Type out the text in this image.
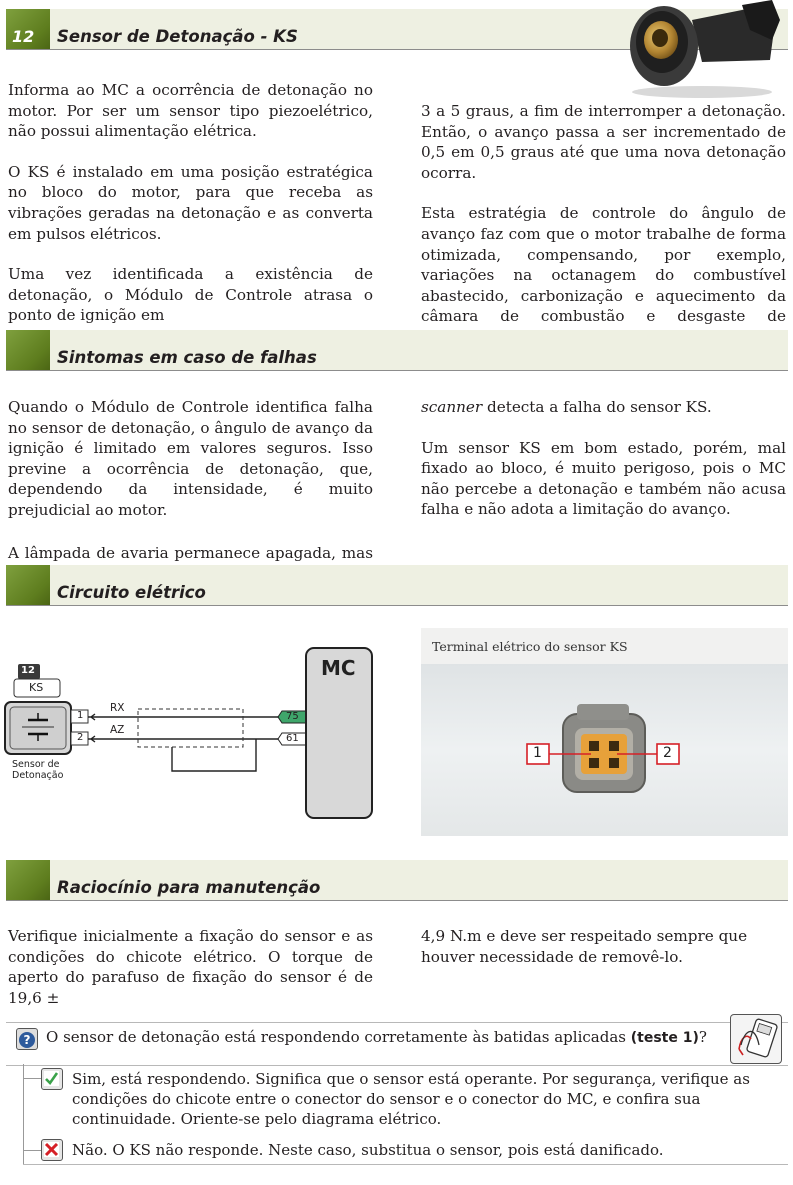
12 Sensor de Detonação - KS

Informa ao MC a ocorrência de detonação no motor. Por ser um sensor tipo piezoelétrico, não possui alimentação elétrica.

O KS é instalado em uma posição estratégica no bloco do motor, para que receba as vibrações geradas na detonação e as converta em pulsos elétricos.

Uma vez identificada a existência de detonação, o Módulo de Controle atrasa o ponto de ignição em

3 a 5 graus, a fim de interromper a detonação. Então, o avanço passa a ser incrementado de 0,5 em 0,5 graus até que uma nova detonação ocorra.

Esta estratégia de controle do ângulo de avanço faz com que o motor trabalhe de forma otimizada, compensando, por exemplo, variações na octanagem do combustível abastecido, carbonização e aquecimento da câmara de combustão e desgaste de

Sintomas em caso de falhas

Quando o Módulo de Controle identifica falha no sensor de detonação, o ângulo de avanço da ignição é limitado em valores seguros. Isso previne a ocorrência de detonação, que, dependendo da intensidade, é muito prejudicial ao motor.

A lâmpada de avaria permanece apagada, mas

scanner detecta a falha do sensor KS.

Um sensor KS em bom estado, porém, mal fixado ao bloco, é muito perigoso, pois o MC não percebe a detonação e também não acusa falha e não adota a limitação do avanço.

Circuito elétrico
12
KS
Sensor de
Detonação
1
2
RX
AZ
75
61
MC
Terminal elétrico do sensor KS
1	2
Raciocínio para manutenção

Verifique inicialmente a fixação do sensor e as condições do chicote elétrico. O torque de aperto do parafuso de fixação do sensor é de 19,6 ±

4,9 N.m e deve ser respeitado sempre que houver necessidade de removê-lo.

?	O sensor de detonação está respondendo corretamente às batidas aplicadas (teste 1)?
Sim, está respondendo. Significa que o sensor está operante. Por segurança, verifique as condições do chicote entre o conector do sensor e o conector do MC, e confira sua continuidade. Oriente-se pelo diagrama elétrico.
Não. O KS não responde. Neste caso, substitua o sensor, pois está danificado.
